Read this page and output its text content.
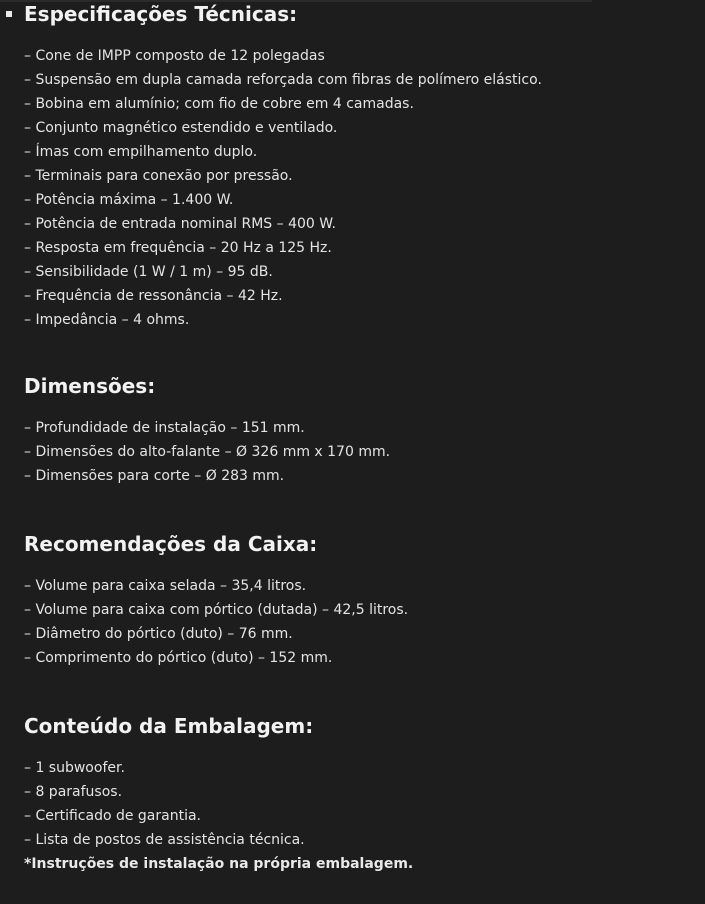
Especificações Técnicas:
– Cone de IMPP composto de 12 polegadas
– Suspensão em dupla camada reforçada com fibras de polímero elástico.
– Bobina em alumínio; com fio de cobre em 4 camadas.
– Conjunto magnético estendido e ventilado.
– Ímas com empilhamento duplo.
– Terminais para conexão por pressão.
– Potência máxima – 1.400 W.
– Potência de entrada nominal RMS – 400 W.
– Resposta em frequência – 20 Hz a 125 Hz.
– Sensibilidade (1 W / 1 m) – 95 dB.
– Frequência de ressonância – 42 Hz.
– Impedância – 4 ohms.
Dimensões:
– Profundidade de instalação – 151 mm.
– Dimensões do alto-falante – Ø 326 mm x 170 mm.
– Dimensões para corte – Ø 283 mm.
Recomendações da Caixa:
– Volume para caixa selada – 35,4 litros.
– Volume para caixa com pórtico (dutada) – 42,5 litros.
– Diâmetro do pórtico (duto) – 76 mm.
– Comprimento do pórtico (duto) – 152 mm.
Conteúdo da Embalagem:
– 1 subwoofer.
– 8 parafusos.
– Certificado de garantia.
– Lista de postos de assistência técnica.
*Instruções de instalação na própria embalagem.
